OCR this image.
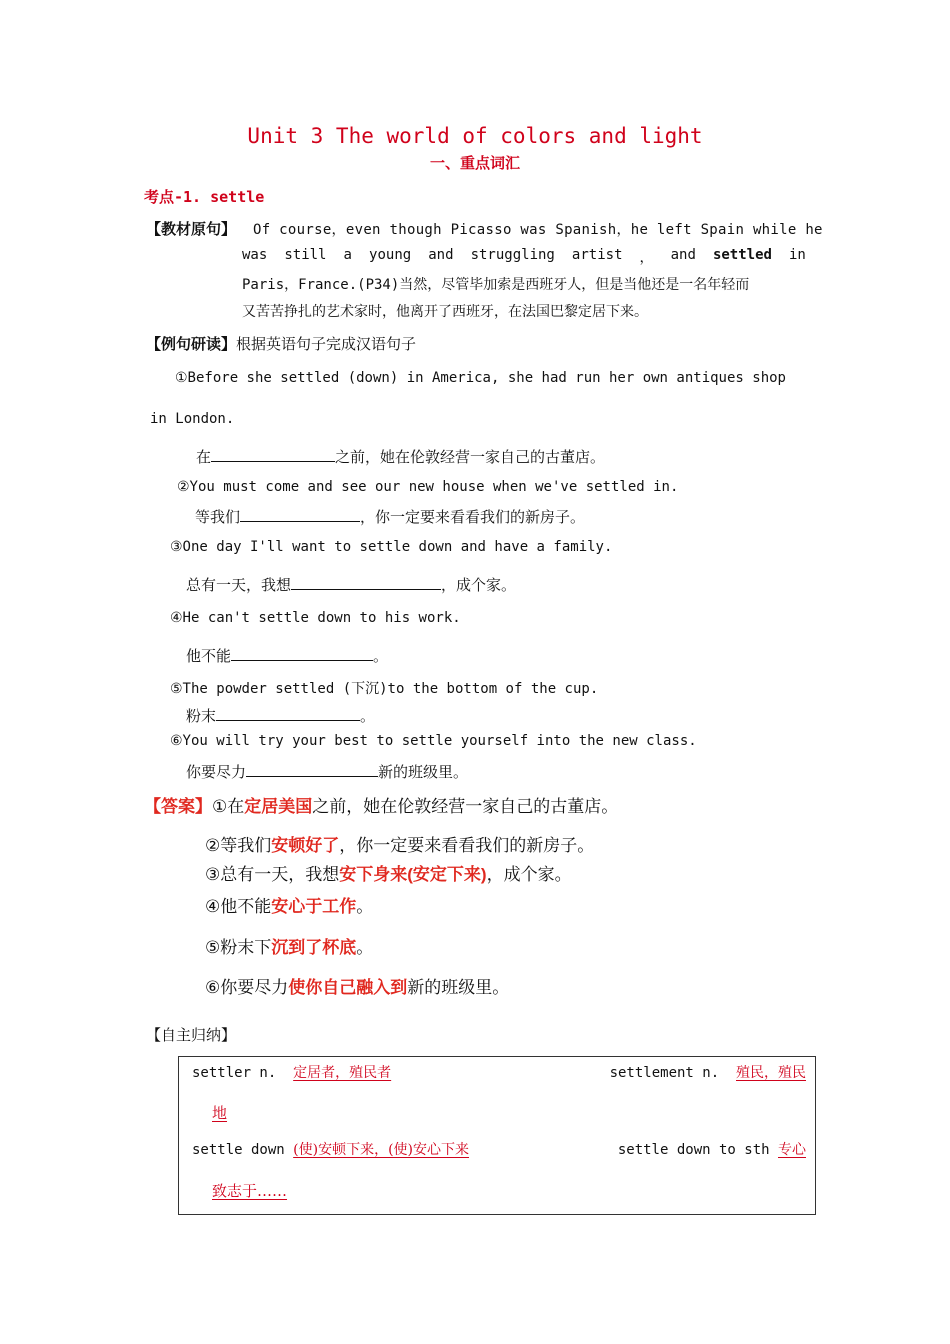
Unit 3 The world of colors and light
一、重点词汇
考点-1. settle
【教材原句】 Of course，even though Picasso was Spanish，he left Spain while he
was still a young and struggling artist ， and settled in
Paris，France.(P34)当然，尽管毕加索是西班牙人，但是当他还是一名年轻而
又苦苦挣扎的艺术家时，他离开了西班牙，在法国巴黎定居下来。
【例句研读】根据英语句子完成汉语句子
①Before she settled (down) in America, she had run her own antiques shop
in London.
在	之前，她在伦敦经营一家自己的古董店。
②You must come and see our new house when we've settled in.
等我们	，你一定要来看看我们的新房子。
③One day I'll want to settle down and have a family.
总有一天，我想	，成个家。
④He can't settle down to his work.
他不能	。
⑤The powder settled (下沉)to the bottom of the cup.
粉末	。
⑥You will try your best to settle yourself into the new class.
你要尽力	新的班级里。
【答案】①在定居美国之前，她在伦敦经营一家自己的古董店。
②等我们安顿好了，你一定要来看看我们的新房子。
③总有一天，我想安下身来(安定下来)，成个家。
④他不能安心于工作。
⑤粉末下沉到了杯底。
⑥你要尽力使你自己融入到新的班级里。
【自主归纳】
settler n. 定居者，殖民者	settlement n. 殖民，殖民
地
settle down (使)安顿下来，(使)安心下来	settle down to sth 专心
致志于……
